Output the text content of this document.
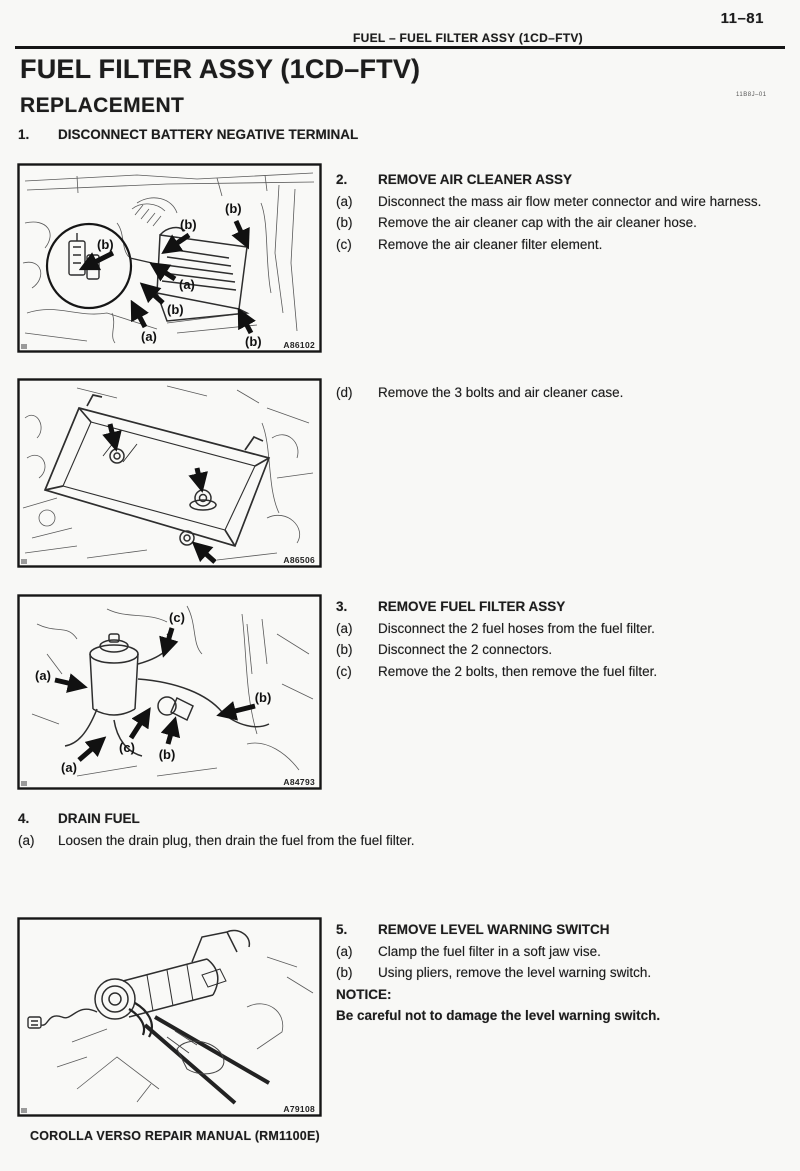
11–81
FUEL – FUEL FILTER ASSY (1CD–FTV)
FUEL FILTER ASSY (1CD–FTV)
11B8J–01
REPLACEMENT
1.	DISCONNECT BATTERY NEGATIVE TERMINAL
(b)
(b)
(b)
(a)
(b)
(a)	(b)	A86102
2.	REMOVE AIR CLEANER ASSY
(a)	Disconnect the mass air flow meter connector and wire harness.
(b)	Remove the air cleaner cap with the air cleaner hose.
(c)	Remove the air cleaner filter element.
(d)	Remove the 3 bolts and air cleaner case.
A86506
(c)
(a)
(b)
(c) (b)
(a)
A84793
3.	REMOVE FUEL FILTER ASSY
(a)	Disconnect the 2 fuel hoses from the fuel filter.
(b)	Disconnect the 2 connectors.
(c)	Remove the 2 bolts, then remove the fuel filter.
4.	DRAIN FUEL
(a)	Loosen the drain plug, then drain the fuel from the fuel filter.
A79108
5.	REMOVE LEVEL WARNING SWITCH
(a)	Clamp the fuel filter in a soft jaw vise.
(b)	Using pliers, remove the level warning switch.
NOTICE:
Be careful not to damage the level warning switch.
COROLLA VERSO REPAIR MANUAL (RM1100E)
